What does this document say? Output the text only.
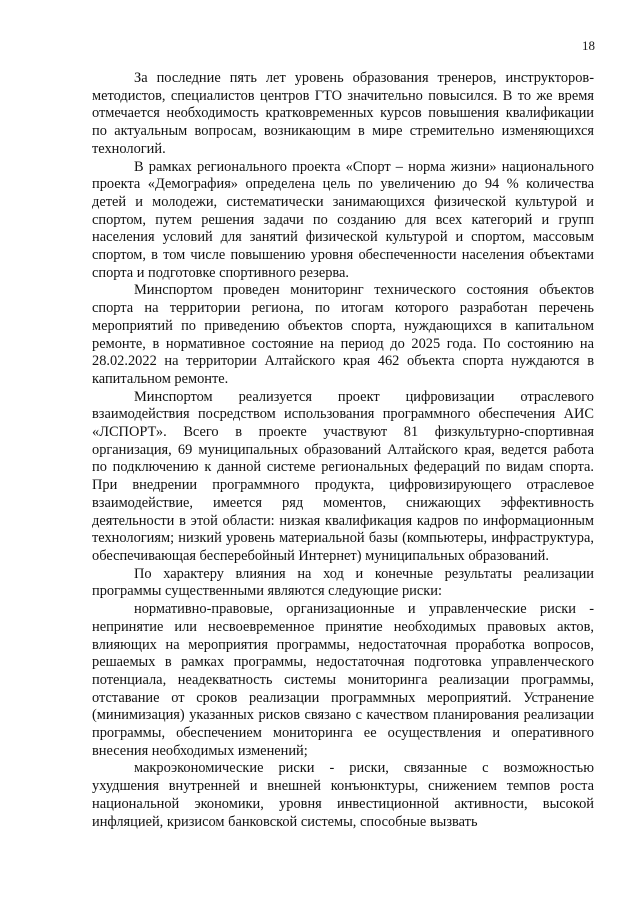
18

За последние пять лет уровень образования тренеров, инструкторов-методистов, специалистов центров ГТО значительно повысился. В то же время отмечается необходимость кратковременных курсов повышения квалификации по актуальным вопросам, возникающим в мире стремительно изменяющихся технологий.

В рамках регионального проекта «Спорт – норма жизни» национального проекта «Демография» определена цель по увеличению до 94 % количества детей и молодежи, систематически занимающихся физической культурой и спортом, путем решения задачи по созданию для всех категорий и групп населения условий для занятий физической культурой и спортом, массовым спортом, в том числе повышению уровня обеспеченности населения объектами спорта и подготовке спортивного резерва.

Минспортом проведен мониторинг технического состояния объектов спорта на территории региона, по итогам которого разработан перечень мероприятий по приведению объектов спорта, нуждающихся в капитальном ремонте, в нормативное состояние на период до 2025 года. По состоянию на 28.02.2022 на территории Алтайского края 462 объекта спорта нуждаются в капитальном ремонте.

Минспортом реализуется проект цифровизации отраслевого взаимодействия посредством использования программного обеспечения АИС «ЛСПОРТ». Всего в проекте участвуют 81 физкультурно-спортивная организация, 69 муниципальных образований Алтайского края, ведется работа по подключению к данной системе региональных федераций по видам спорта. При внедрении программного продукта, цифровизирующего отраслевое взаимодействие, имеется ряд моментов, снижающих эффективность деятельности в этой области: низкая квалификация кадров по информационным технологиям; низкий уровень материальной базы (компьютеры, инфраструктура, обеспечивающая бесперебойный Интернет) муниципальных образований.

По характеру влияния на ход и конечные результаты реализации программы существенными являются следующие риски:

нормативно-правовые, организационные и управленческие риски - непринятие или несвоевременное принятие необходимых правовых актов, влияющих на мероприятия программы, недостаточная проработка вопросов, решаемых в рамках программы, недостаточная подготовка управленческого потенциала, неадекватность системы мониторинга реализации программы, отставание от сроков реализации программных мероприятий. Устранение (минимизация) указанных рисков связано с качеством планирования реализации программы, обеспечением мониторинга ее осуществления и оперативного внесения необходимых изменений;

макроэкономические риски - риски, связанные с возможностью ухудшения внутренней и внешней конъюнктуры, снижением темпов роста национальной экономики, уровня инвестиционной активности, высокой инфляцией, кризисом банковской системы, способные вызвать
